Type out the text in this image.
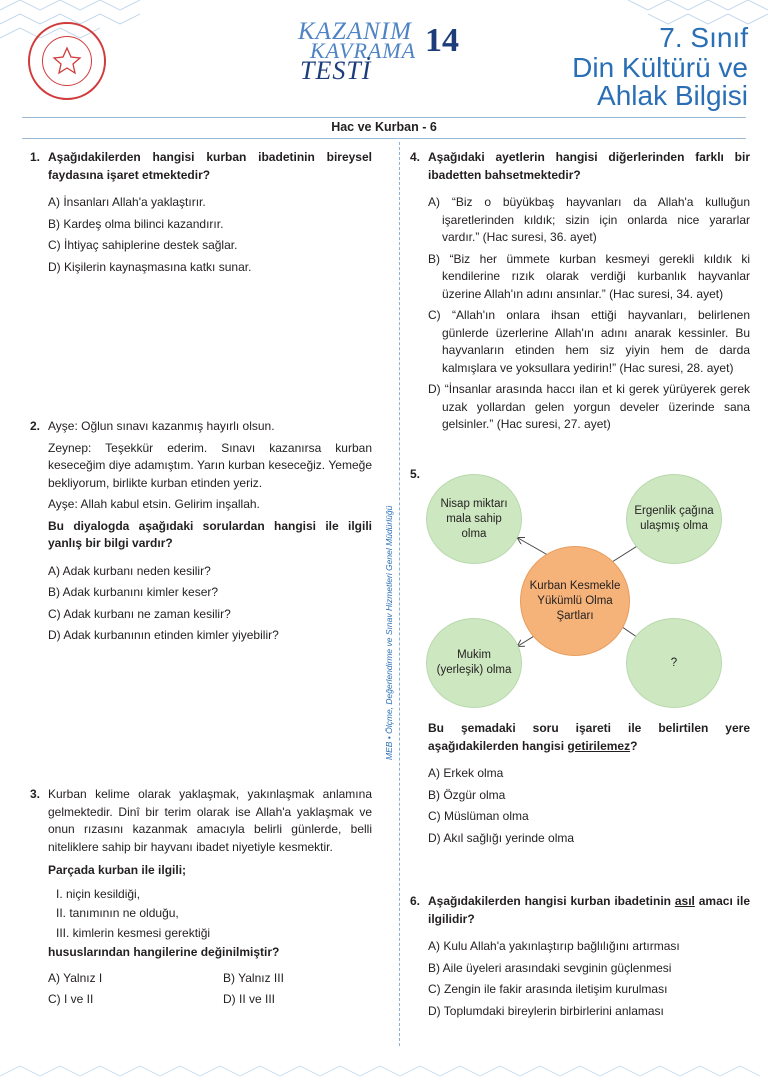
KAZANIM
KAVRAMA
TESTİ
14	7. Sınıf
Din Kültürü ve
Ahlak Bilgisi
Hac ve Kurban - 6
MEB • Ölçme, Değerlendirme ve Sınav Hizmetleri Genel Müdürlüğü
1. Aşağıdakilerden hangisi kurban ibadetinin bireysel faydasına işaret etmektedir?
A) İnsanları Allah'a yaklaştırır.
B) Kardeş olma bilinci kazandırır.
C) İhtiyaç sahiplerine destek sağlar.
D) Kişilerin kaynaşmasına katkı sunar.
2. Ayşe: Oğlun sınavı kazanmış hayırlı olsun.
Zeynep: Teşekkür ederim. Sınavı kazanırsa kurban keseceğim diye adamıştım. Yarın kurban keseceğiz. Yemeğe bekliyorum, birlikte kurban etinden yeriz.
Ayşe: Allah kabul etsin. Gelirim inşallah.
Bu diyalogda aşağıdaki sorulardan hangisi ile ilgili yanlış bir bilgi vardır?
A) Adak kurbanı neden kesilir?
B) Adak kurbanını kimler keser?
C) Adak kurbanı ne zaman kesilir?
D) Adak kurbanının etinden kimler yiyebilir?
3. Kurban kelime olarak yaklaşmak, yakınlaşmak anlamına gelmektedir. Dinî bir terim olarak ise Allah'a yaklaşmak ve onun rızasını kazanmak amacıyla belirli günlerde, belli niteliklere sahip bir hayvanı ibadet niyetiyle kesmektir.
Parçada kurban ile ilgili;
I. niçin kesildiği,
II. tanımının ne olduğu,
III. kimlerin kesmesi gerektiği
hususlarından hangilerine değinilmiştir?
A) Yalnız I	B) Yalnız III
C) I ve II	D) II ve III
4. Aşağıdaki ayetlerin hangisi diğerlerinden farklı bir ibadetten bahsetmektedir?
A) “Biz o büyükbaş hayvanları da Allah'a kulluğun işaretlerinden kıldık; sizin için onlarda nice yararlar vardır.” (Hac suresi, 36. ayet)
B) “Biz her ümmete kurban kesmeyi gerekli kıldık ki kendilerine rızık olarak verdiği kurbanlık hayvanlar üzerine Allah'ın adını ansınlar.” (Hac suresi, 34. ayet)
C) “Allah'ın onlara ihsan ettiği hayvanları, belirlenen günlerde üzerlerine Allah'ın adını anarak kessinler. Bu hayvanların etinden hem siz yiyin hem de darda kalmışlara ve yoksullara yedirin!” (Hac suresi, 28. ayet)
D) “İnsanlar arasında haccı ilan et ki gerek yürüyerek gerek uzak yollardan gelen yorgun develer üzerinde sana gelsinler.” (Hac suresi, 27. ayet)
5.
Nisap miktarı mala sahip olma
Ergenlik çağına ulaşmış olma
Kurban Kesmekle Yükümlü Olma Şartları
Mukim (yerleşik) olma
?
Bu şemadaki soru işareti ile belirtilen yere aşağıdakilerden hangisi getirilemez?
A) Erkek olma
B) Özgür olma
C) Müslüman olma
D) Akıl sağlığı yerinde olma
6. Aşağıdakilerden hangisi kurban ibadetinin asıl amacı ile ilgilidir?
A) Kulu Allah'a yakınlaştırıp bağlılığını artırması
B) Aile üyeleri arasındaki sevginin güçlenmesi
C) Zengin ile fakir arasında iletişim kurulması
D) Toplumdaki bireylerin birbirlerini anlaması
